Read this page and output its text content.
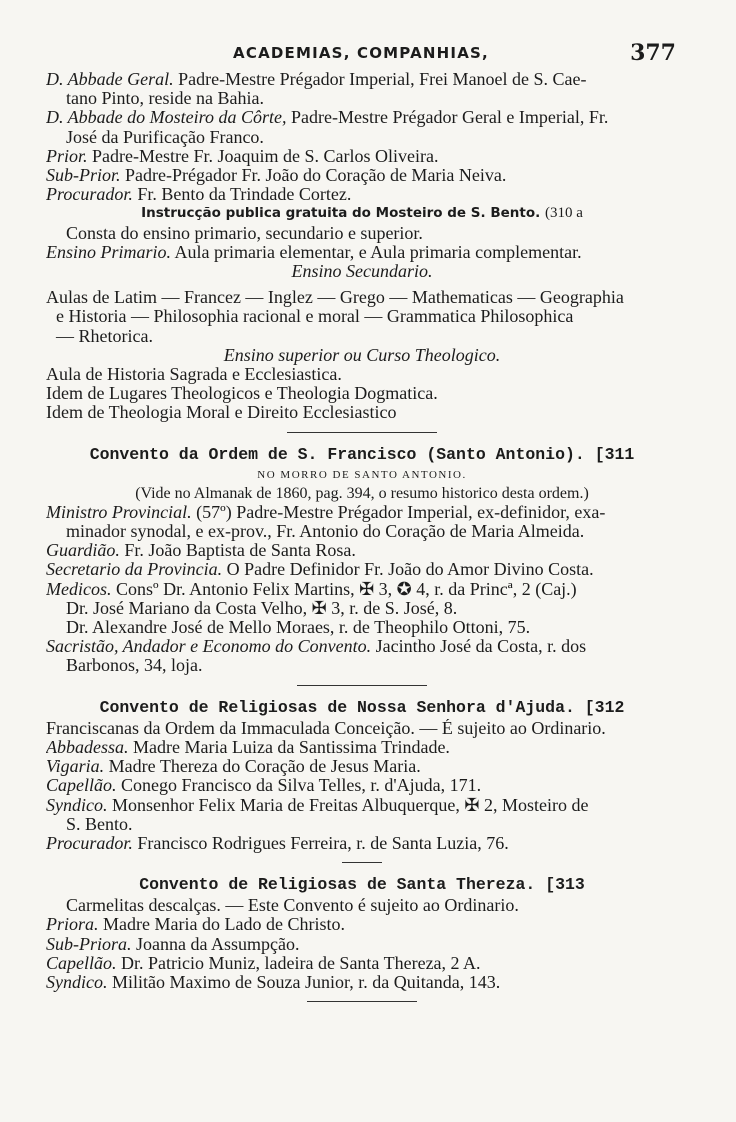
ACADEMIAS, COMPANHIAS,	377
D. Abbade Geral. Padre-Mestre Prégador Imperial, Frei Manoel de S. Cae-
tano Pinto, reside na Bahia.
D. Abbade do Mosteiro da Côrte, Padre-Mestre Prégador Geral e Imperial, Fr.
José da Purificação Franco.
Prior. Padre-Mestre Fr. Joaquim de S. Carlos Oliveira.
Sub-Prior. Padre-Prégador Fr. João do Coração de Maria Neiva.
Procurador. Fr. Bento da Trindade Cortez.
Instrucção publica gratuita do Mosteiro de S. Bento. (310 a
Consta do ensino primario, secundario e superior.
Ensino Primario. Aula primaria elementar, e Aula primaria complementar.
Ensino Secundario.
Aulas de Latim — Francez — Inglez — Grego — Mathematicas — Geographia
e Historia — Philosophia racional e moral — Grammatica Philosophica
— Rhetorica.
Ensino superior ou Curso Theologico.
Aula de Historia Sagrada e Ecclesiastica.
Idem de Lugares Theologicos e Theologia Dogmatica.
Idem de Theologia Moral e Direito Ecclesiastico
Convento da Ordem de S. Francisco (Santo Antonio). [311
NO MORRO DE SANTO ANTONIO.
(Vide no Almanak de 1860, pag. 394, o resumo historico desta ordem.)
Ministro Provincial. (57º) Padre-Mestre Prégador Imperial, ex-definidor, exa-
minador synodal, e ex-prov., Fr. Antonio do Coração de Maria Almeida.
Guardião. Fr. João Baptista de Santa Rosa.
Secretario da Provincia. O Padre Definidor Fr. João do Amor Divino Costa.
Medicos. Consº Dr. Antonio Felix Martins, ✠ 3, ✪ 4, r. da Princª, 2 (Caj.)
Dr. José Mariano da Costa Velho, ✠ 3, r. de S. José, 8.
Dr. Alexandre José de Mello Moraes, r. de Theophilo Ottoni, 75.
Sacristão, Andador e Economo do Convento. Jacintho José da Costa, r. dos
Barbonos, 34, loja.
Convento de Religiosas de Nossa Senhora d'Ajuda. [312
Franciscanas da Ordem da Immaculada Conceição. — É sujeito ao Ordinario.
Abbadessa. Madre Maria Luiza da Santissima Trindade.
Vigaria. Madre Thereza do Coração de Jesus Maria.
Capellão. Conego Francisco da Silva Telles, r. d'Ajuda, 171.
Syndico. Monsenhor Felix Maria de Freitas Albuquerque, ✠ 2, Mosteiro de
S. Bento.
Procurador. Francisco Rodrigues Ferreira, r. de Santa Luzia, 76.
Convento de Religiosas de Santa Thereza. [313
Carmelitas descalças. — Este Convento é sujeito ao Ordinario.
Priora. Madre Maria do Lado de Christo.
Sub-Priora. Joanna da Assumpção.
Capellão. Dr. Patricio Muniz, ladeira de Santa Thereza, 2 A.
Syndico. Militão Maximo de Souza Junior, r. da Quitanda, 143.
